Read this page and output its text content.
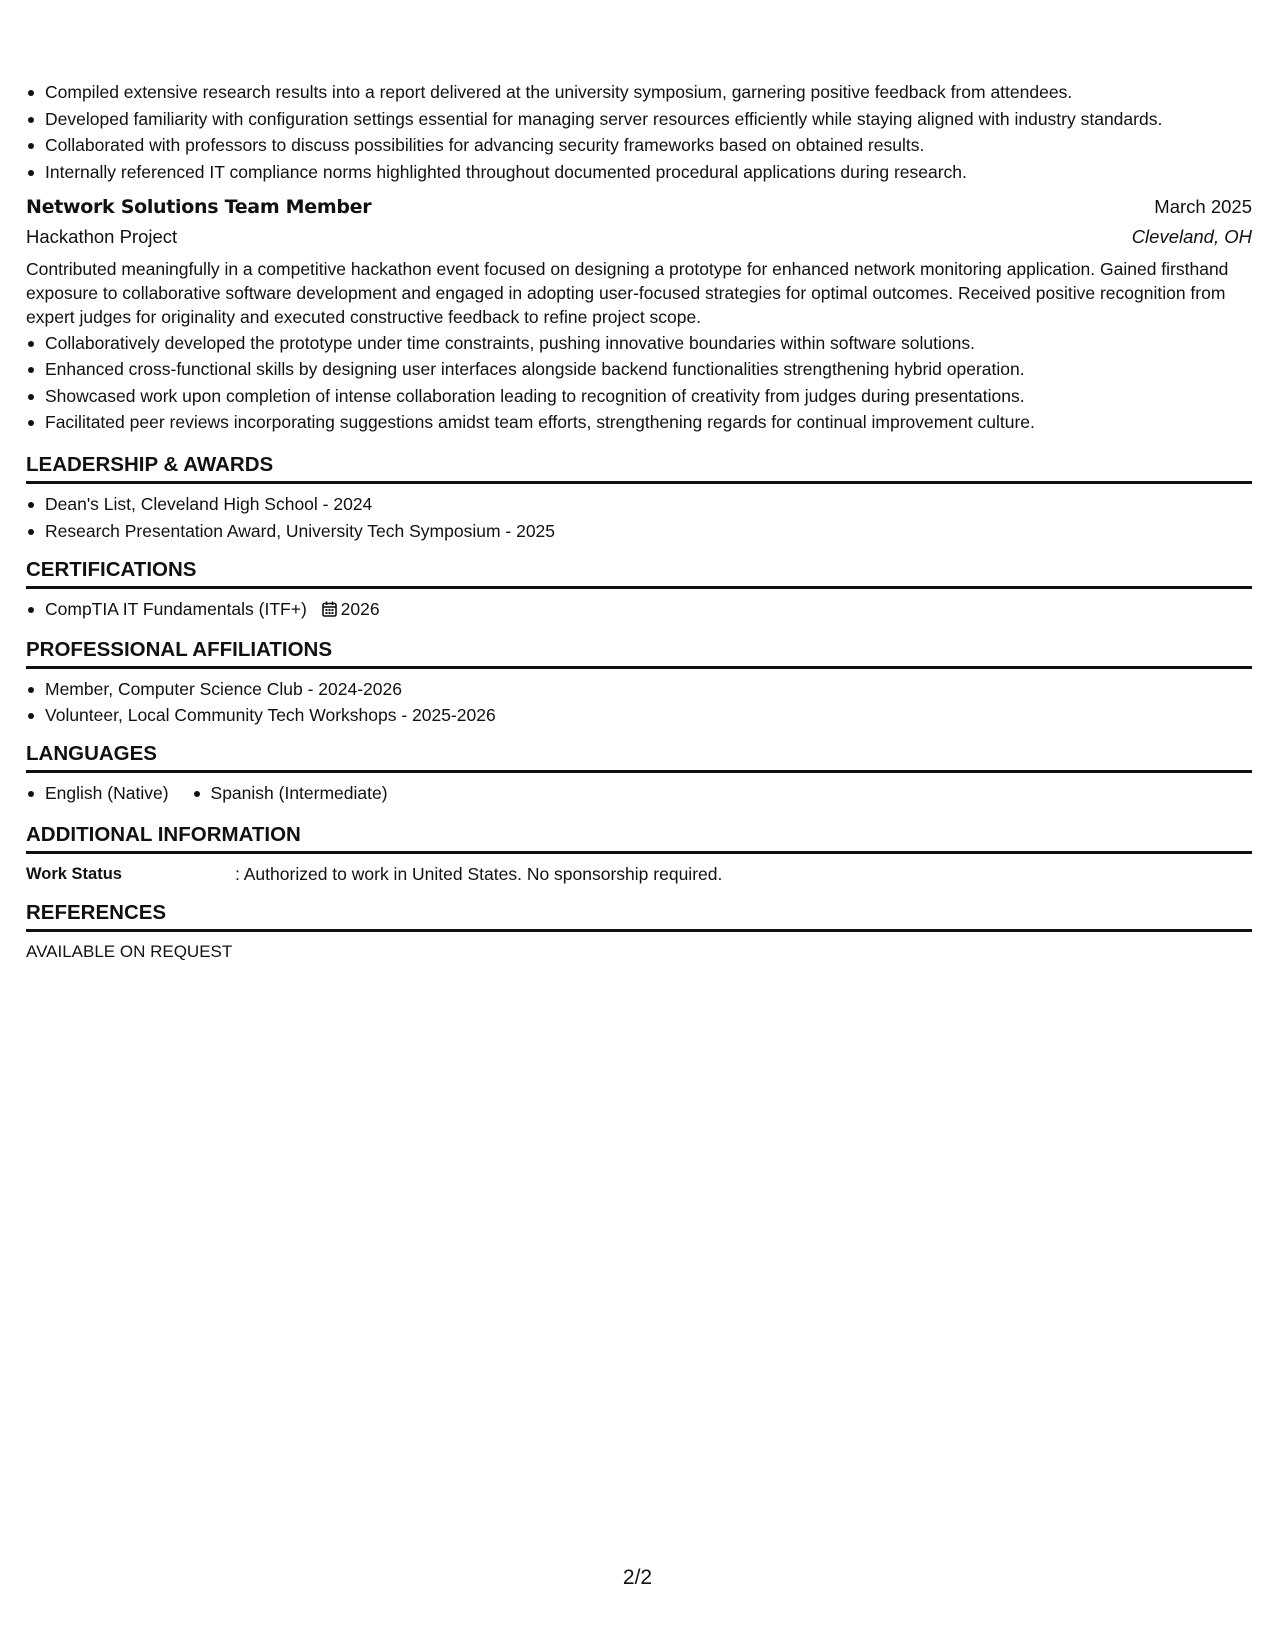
Compiled extensive research results into a report delivered at the university symposium, garnering positive feedback from attendees.
Developed familiarity with configuration settings essential for managing server resources efficiently while staying aligned with industry standards.
Collaborated with professors to discuss possibilities for advancing security frameworks based on obtained results.
Internally referenced IT compliance norms highlighted throughout documented procedural applications during research.
Network Solutions Team Member	March 2025
Hackathon Project	Cleveland, OH
Contributed meaningfully in a competitive hackathon event focused on designing a prototype for enhanced network monitoring application. Gained firsthand exposure to collaborative software development and engaged in adopting user-focused strategies for optimal outcomes. Received positive recognition from expert judges for originality and executed constructive feedback to refine project scope.
Collaboratively developed the prototype under time constraints, pushing innovative boundaries within software solutions.
Enhanced cross-functional skills by designing user interfaces alongside backend functionalities strengthening hybrid operation.
Showcased work upon completion of intense collaboration leading to recognition of creativity from judges during presentations.
Facilitated peer reviews incorporating suggestions amidst team efforts, strengthening regards for continual improvement culture.
LEADERSHIP & AWARDS
Dean's List, Cleveland High School - 2024
Research Presentation Award, University Tech Symposium - 2025
CERTIFICATIONS
CompTIA IT Fundamentals (ITF+) 2026
PROFESSIONAL AFFILIATIONS
Member, Computer Science Club - 2024-2026
Volunteer, Local Community Tech Workshops - 2025-2026
LANGUAGES
English (Native)	Spanish (Intermediate)
ADDITIONAL INFORMATION
Work Status	: Authorized to work in United States. No sponsorship required.
REFERENCES
AVAILABLE ON REQUEST
2/2
